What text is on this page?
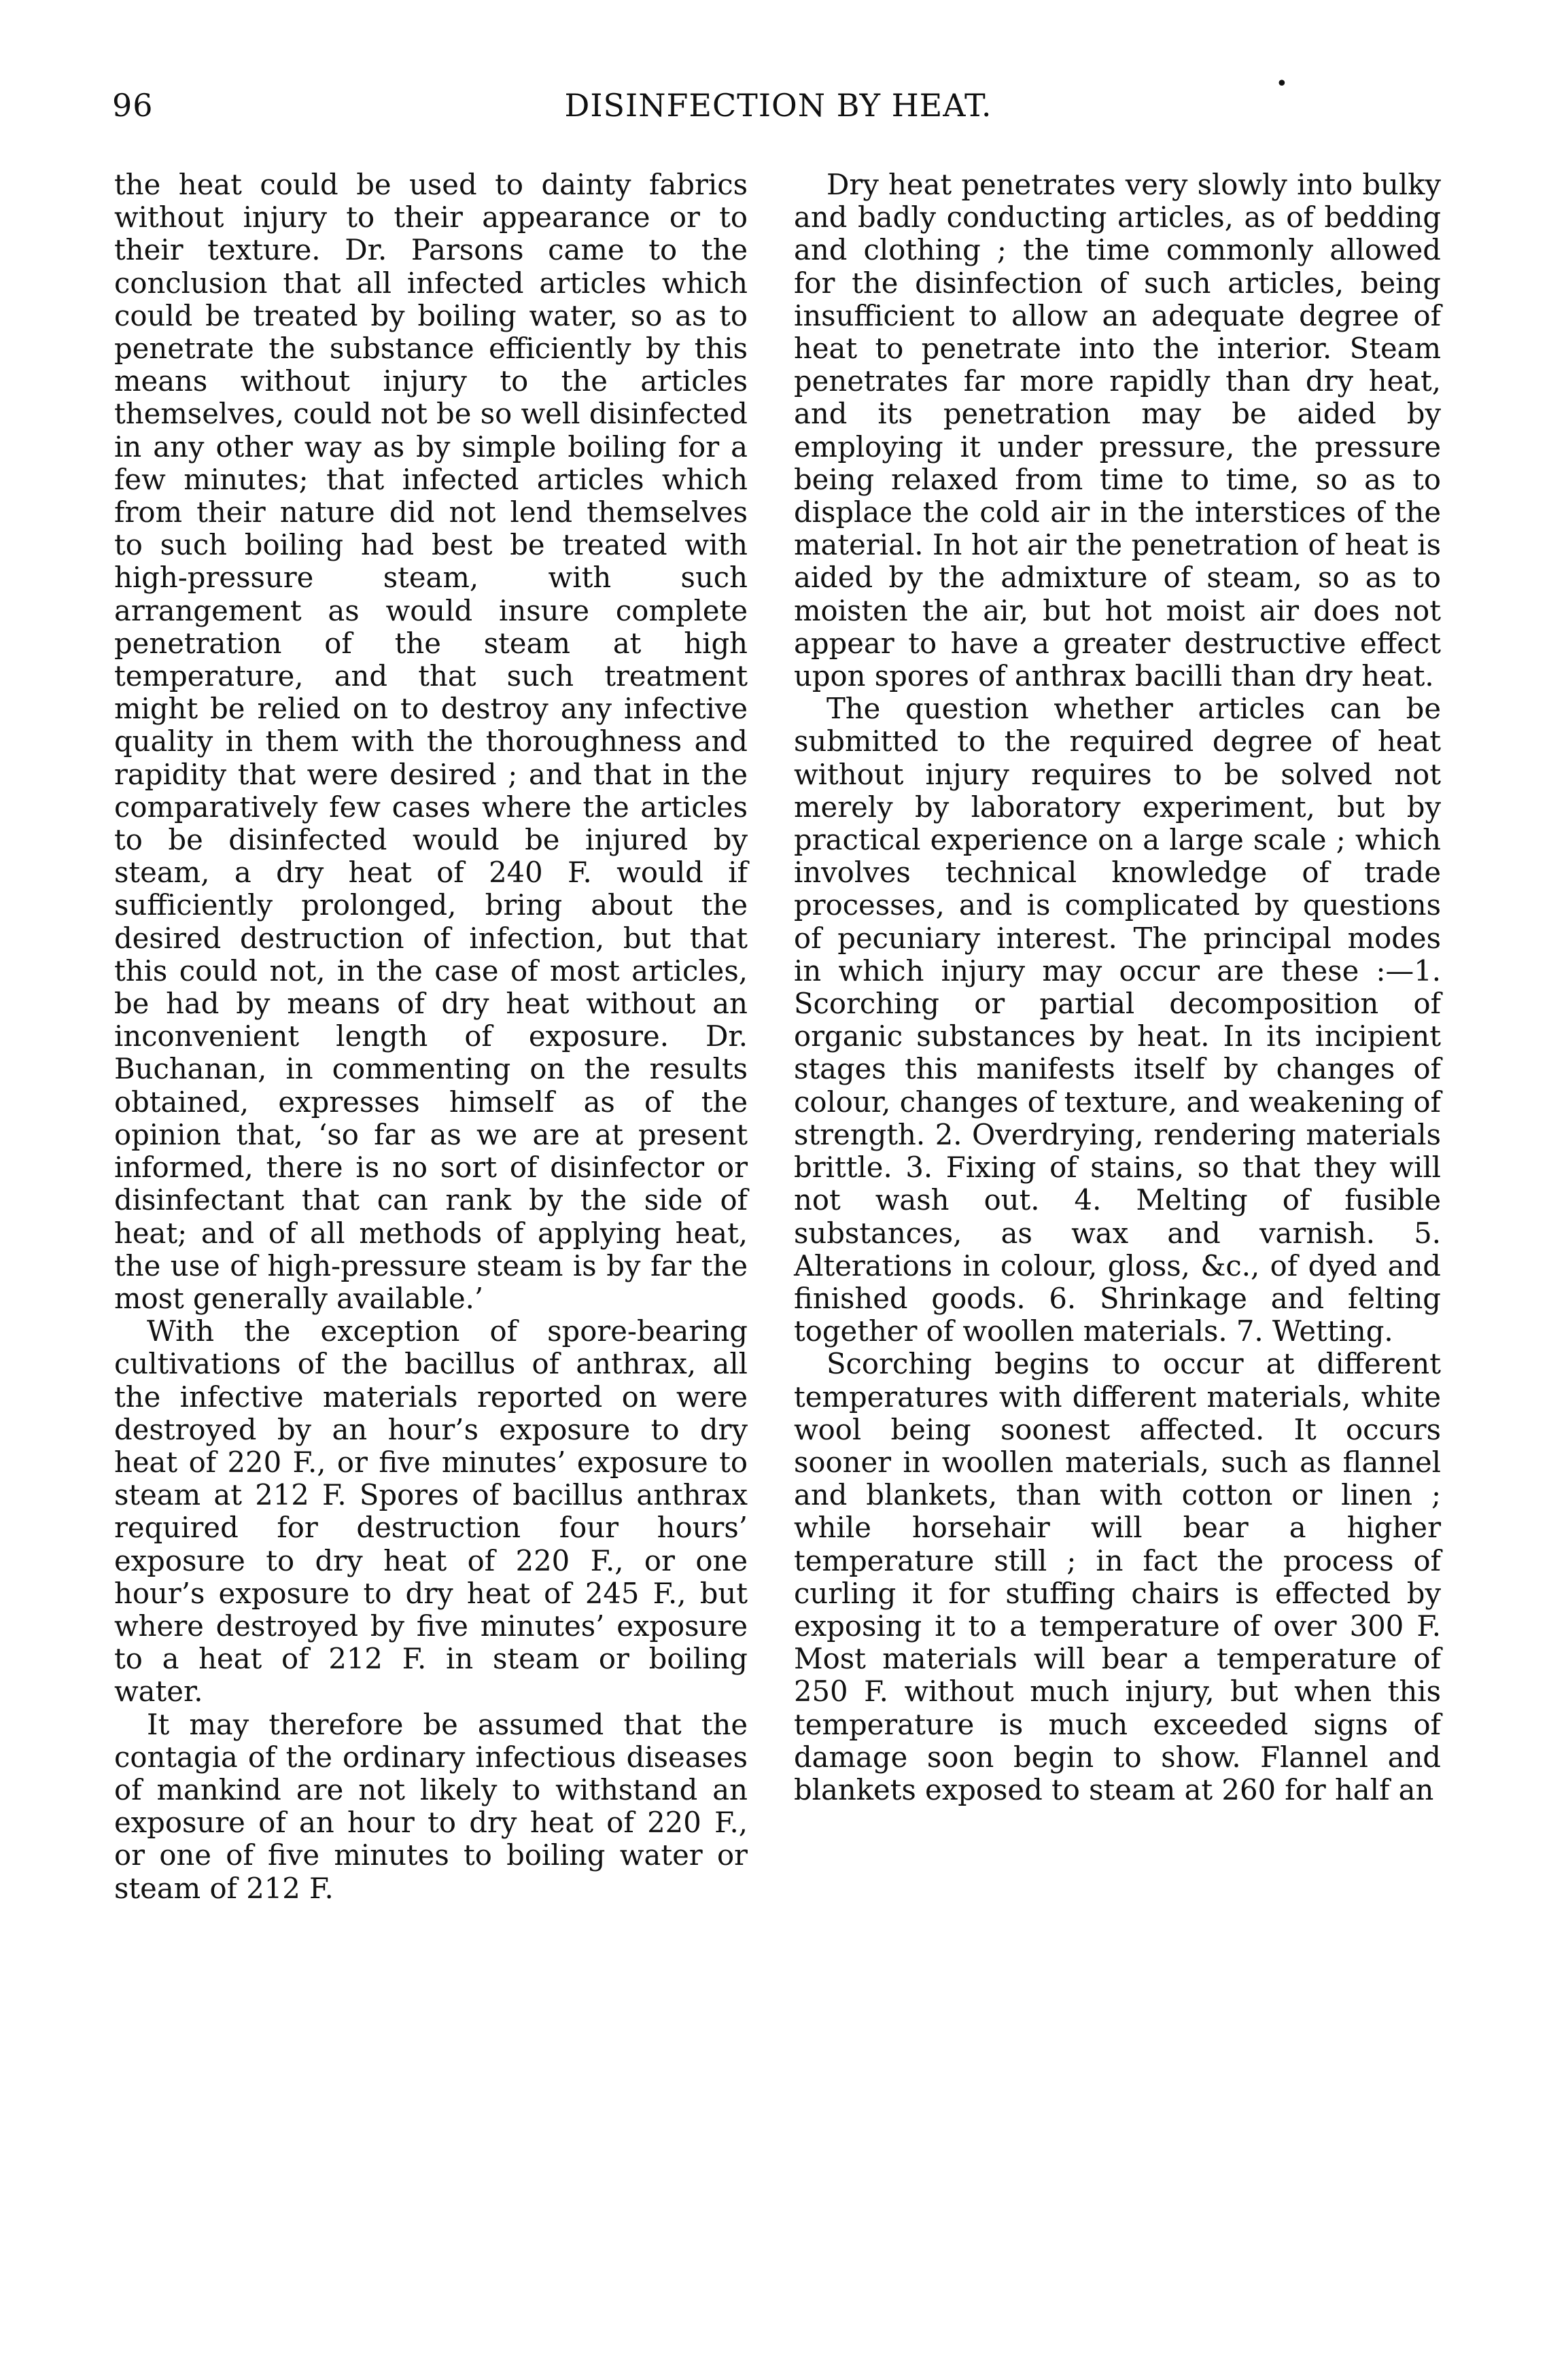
96	DISINFECTION BY HEAT.
•

the heat could be used to dainty fabrics without injury to their appearance or to their texture. Dr. Parsons came to the conclusion that all infected articles which could be treated by boiling water, so as to penetrate the substance efficiently by this means without injury to the articles themselves, could not be so well disinfected in any other way as by simple boiling for a few minutes; that infected articles which from their nature did not lend themselves to such boiling had best be treated with high-pressure steam, with such arrangement as would insure complete penetration of the steam at high temperature, and that such treatment might be relied on to destroy any infective quality in them with the thoroughness and rapidity that were desired ; and that in the comparatively few cases where the articles to be disinfected would be injured by steam, a dry heat of 240 F. would if sufficiently prolonged, bring about the desired destruction of infection, but that this could not, in the case of most articles, be had by means of dry heat without an inconvenient length of exposure. Dr. Buchanan, in commenting on the results obtained, expresses himself as of the opinion that, ‘so far as we are at present informed, there is no sort of disinfector or disinfectant that can rank by the side of heat; and of all methods of applying heat, the use of high-pressure steam is by far the most generally available.’

With the exception of spore-bearing cultivations of the bacillus of anthrax, all the infective materials reported on were destroyed by an hour’s exposure to dry heat of 220 F., or five minutes’ exposure to steam at 212 F. Spores of bacillus anthrax required for destruction four hours’ exposure to dry heat of 220 F., or one hour’s exposure to dry heat of 245 F., but where destroyed by five minutes’ exposure to a heat of 212 F. in steam or boiling water.

It may therefore be assumed that the contagia of the ordinary infectious diseases of mankind are not likely to withstand an exposure of an hour to dry heat of 220 F., or one of five minutes to boiling water or steam of 212 F.

Dry heat penetrates very slowly into bulky and badly conducting articles, as of bedding and clothing ; the time commonly allowed for the disinfection of such articles, being insufficient to allow an adequate degree of heat to penetrate into the interior. Steam penetrates far more rapidly than dry heat, and its penetration may be aided by employing it under pressure, the pressure being relaxed from time to time, so as to displace the cold air in the interstices of the material. In hot air the penetration of heat is aided by the admixture of steam, so as to moisten the air, but hot moist air does not appear to have a greater destructive effect upon spores of anthrax bacilli than dry heat.

The question whether articles can be submitted to the required degree of heat without injury requires to be solved not merely by laboratory experiment, but by practical experience on a large scale ; which involves technical knowledge of trade processes, and is complicated by questions of pecuniary interest. The principal modes in which injury may occur are these :—1. Scorching or partial decomposition of organic substances by heat. In its incipient stages this manifests itself by changes of colour, changes of texture, and weakening of strength. 2. Overdrying, rendering materials brittle. 3. Fixing of stains, so that they will not wash out. 4. Melting of fusible substances, as wax and varnish. 5. Alterations in colour, gloss, &c., of dyed and finished goods. 6. Shrinkage and felting together of woollen materials. 7. Wetting.

Scorching begins to occur at different temperatures with different materials, white wool being soonest affected. It occurs sooner in woollen materials, such as flannel and blankets, than with cotton or linen ; while horsehair will bear a higher temperature still ; in fact the process of curling it for stuffing chairs is effected by exposing it to a temperature of over 300 F. Most materials will bear a temperature of 250 F. without much injury, but when this temperature is much exceeded signs of damage soon begin to show. Flannel and blankets exposed to steam at 260 for half an
